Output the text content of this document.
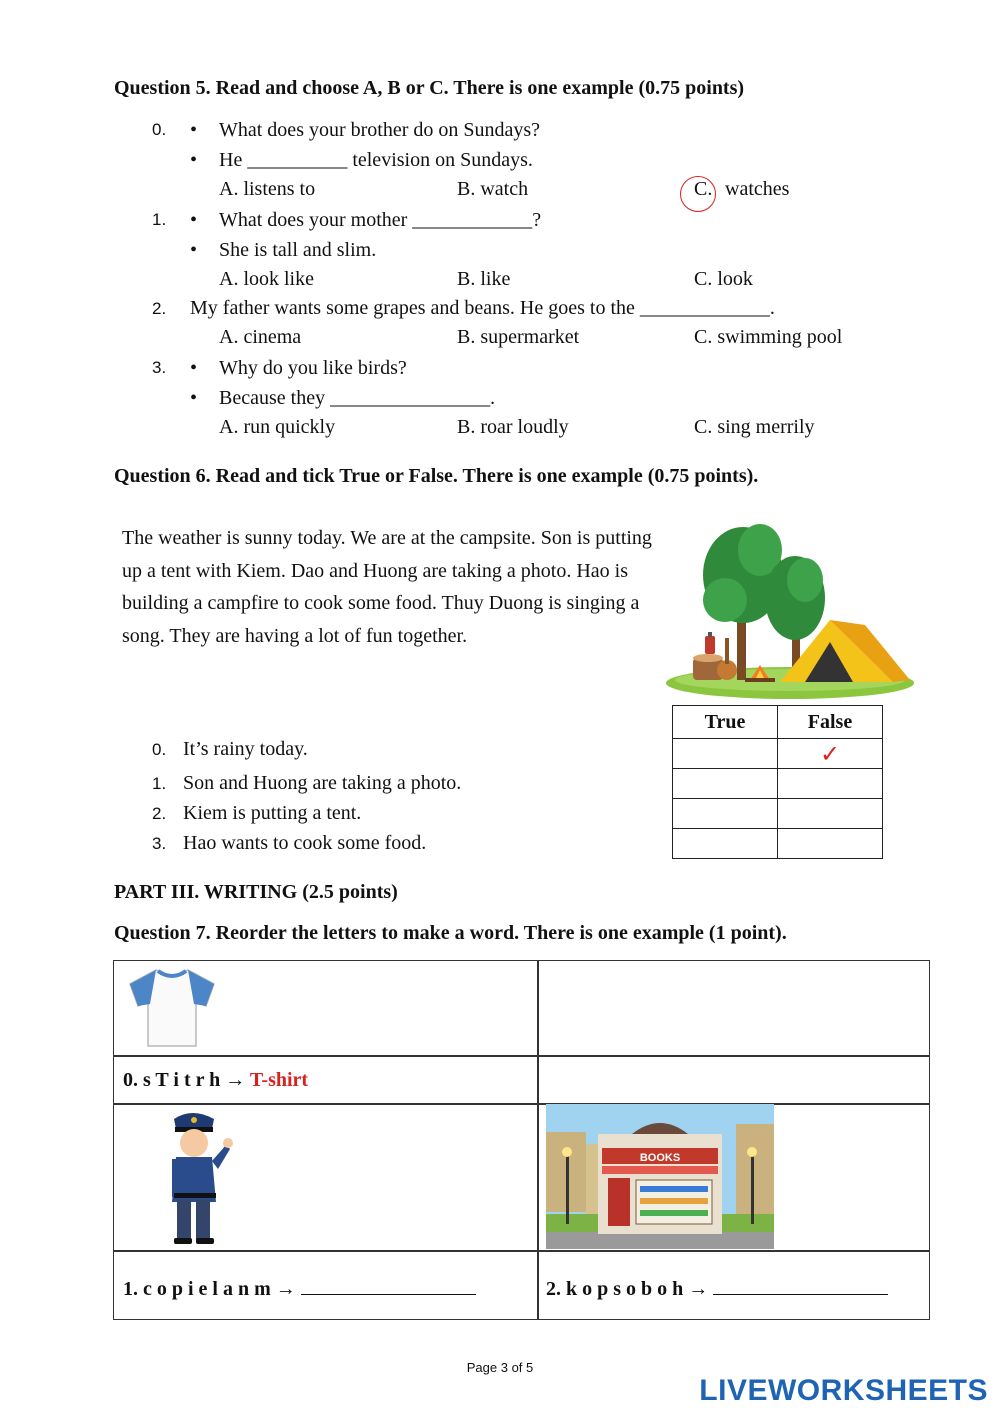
Question 5. Read and choose A, B or C. There is one example (0.75 points)
0. • What does your brother do on Sundays?
• He __________ television on Sundays.
A. listens to	B. watch	C. watches
1. • What does your mother ____________?
• She is tall and slim.
A. look like	B. like	C. look
2. My father wants some grapes and beans. He goes to the _____________.
A. cinema	B. supermarket	C. swimming pool
3. • Why do you like birds?
• Because they ________________.
A. run quickly	B. roar loudly	C. sing merrily
Question 6. Read and tick True or False. There is one example (0.75 points).
The weather is sunny today. We are at the campsite. Son is putting up a tent with Kiem. Dao and Huong are taking a photo. Hao is building a campfire to cook some food. Thuy Duong is singing a song. They are having a lot of fun together.
0. It’s rainy today.
1. Son and Huong are taking a photo.
2. Kiem is putting a tent.
3. Hao wants to cook some food.
True	False
	✓

PART III. WRITING (2.5 points)
Question 7. Reorder the letters to make a word. There is one example (1 point).
0. s T i t r h → T-shirt
BOOKS
1. c o p i e l a n m →	2. k o p s o b o h →
Page 3 of 5
LIVEWORKSHEETS
